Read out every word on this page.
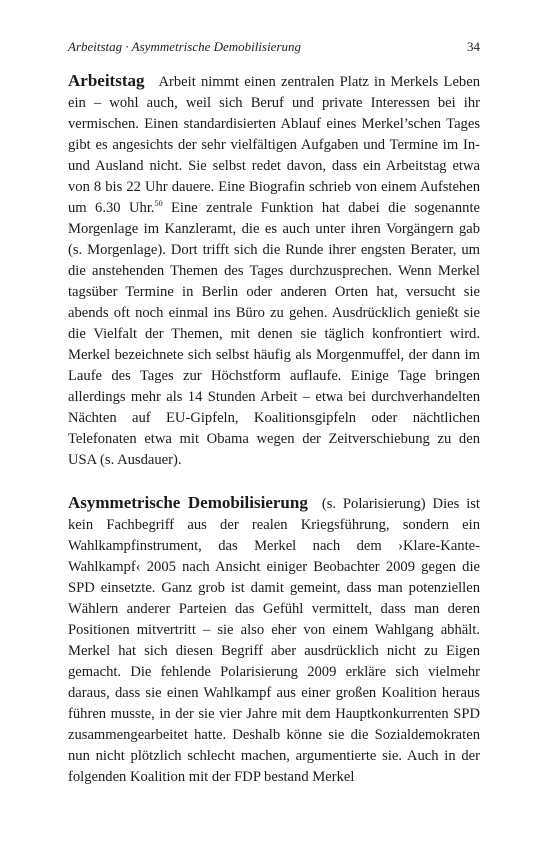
Arbeitstag · Asymmetrische Demobilisierung	34

Arbeitstag Arbeit nimmt einen zentralen Platz in Merkels Leben ein – wohl auch, weil sich Beruf und private Interessen bei ihr vermischen. Einen standardisierten Ablauf eines Merkel’schen Tages gibt es angesichts der sehr vielfältigen Aufgaben und Termine im In- und Ausland nicht. Sie selbst redet davon, dass ein Arbeitstag etwa von 8 bis 22 Uhr dauere. Eine Biografin schrieb von einem Aufstehen um 6.30 Uhr.$^{50}$ Eine zentrale Funktion hat dabei die sogenannte Morgenlage im Kanzleramt, die es auch unter ihren Vorgängern gab (s. Morgenlage). Dort trifft sich die Runde ihrer engsten Berater, um die anstehenden Themen des Tages durchzusprechen. Wenn Merkel tagsüber Termine in Berlin oder anderen Orten hat, versucht sie abends oft noch einmal ins Büro zu gehen. Ausdrücklich genießt sie die Vielfalt der Themen, mit denen sie täglich konfrontiert wird. Merkel bezeichnete sich selbst häufig als Morgenmuffel, der dann im Laufe des Tages zur Höchstform auflaufe. Einige Tage bringen allerdings mehr als 14 Stunden Arbeit – etwa bei durchverhandelten Nächten auf EU-Gipfeln, Koalitionsgipfeln oder nächtlichen Telefonaten etwa mit Obama wegen der Zeitverschiebung zu den USA (s. Ausdauer).

Asymmetrische Demobilisierung (s. Polarisierung) Dies ist kein Fachbegriff aus der realen Kriegsführung, sondern ein Wahlkampfinstrument, das Merkel nach dem ›Klare-Kante-Wahlkampf‹ 2005 nach Ansicht einiger Beobachter 2009 gegen die SPD einsetzte. Ganz grob ist damit gemeint, dass man potenziellen Wählern anderer Parteien das Gefühl vermittelt, dass man deren Positionen mitvertritt – sie also eher von einem Wahlgang abhält. Merkel hat sich diesen Begriff aber ausdrücklich nicht zu Eigen gemacht. Die fehlende Polarisierung 2009 erkläre sich vielmehr daraus, dass sie einen Wahlkampf aus einer großen Koalition heraus führen musste, in der sie vier Jahre mit dem Hauptkonkurrenten SPD zusammengearbeitet hatte. Deshalb könne sie die Sozialdemokraten nun nicht plötzlich schlecht machen, argumentierte sie. Auch in der folgenden Koalition mit der FDP bestand Merkel
